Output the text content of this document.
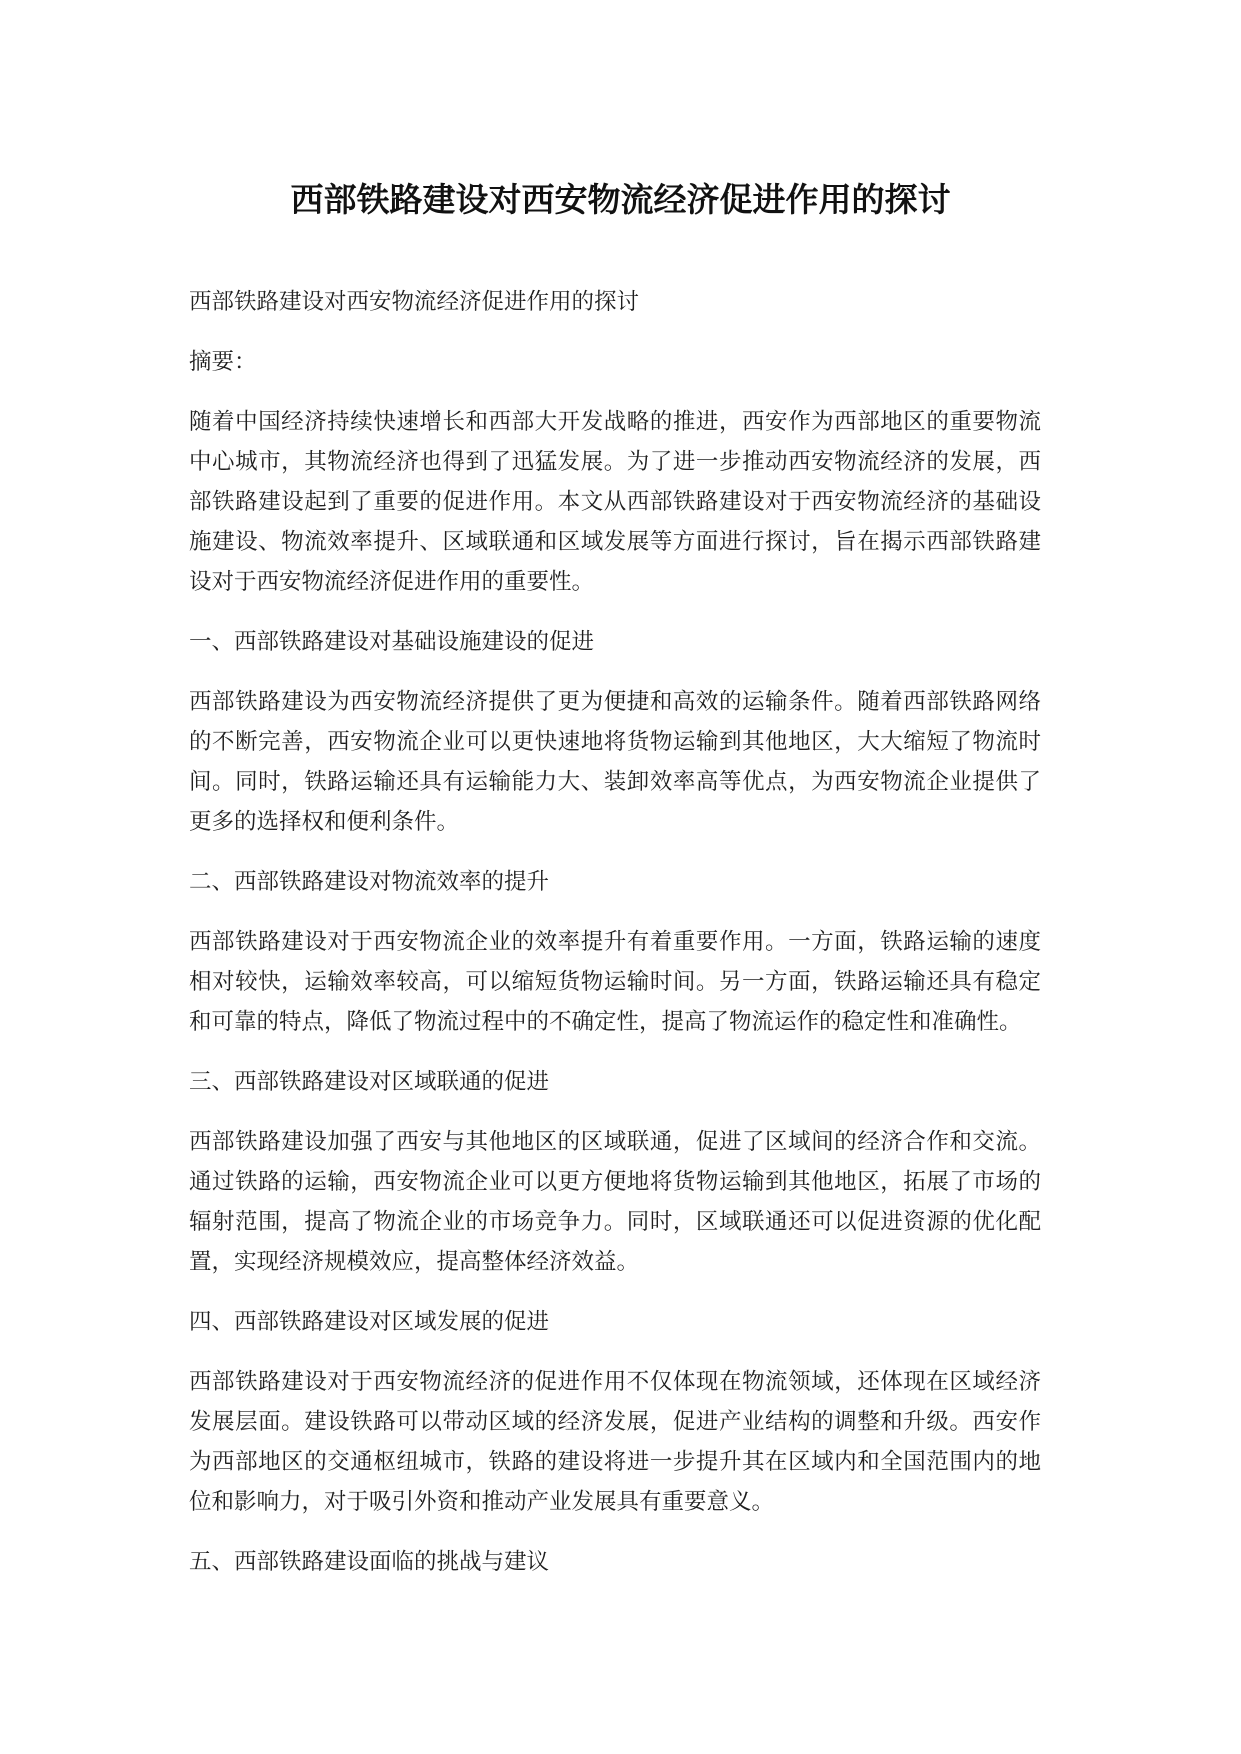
西部铁路建设对西安物流经济促进作用的探讨

西部铁路建设对西安物流经济促进作用的探讨

摘要：

随着中国经济持续快速增长和西部大开发战略的推进，西安作为西部地区的重要物流中心城市，其物流经济也得到了迅猛发展。为了进一步推动西安物流经济的发展，西部铁路建设起到了重要的促进作用。本文从西部铁路建设对于西安物流经济的基础设施建设、物流效率提升、区域联通和区域发展等方面进行探讨，旨在揭示西部铁路建设对于西安物流经济促进作用的重要性。

一、西部铁路建设对基础设施建设的促进

西部铁路建设为西安物流经济提供了更为便捷和高效的运输条件。随着西部铁路网络的不断完善，西安物流企业可以更快速地将货物运输到其他地区，大大缩短了物流时间。同时，铁路运输还具有运输能力大、装卸效率高等优点，为西安物流企业提供了更多的选择权和便利条件。

二、西部铁路建设对物流效率的提升

西部铁路建设对于西安物流企业的效率提升有着重要作用。一方面，铁路运输的速度相对较快，运输效率较高，可以缩短货物运输时间。另一方面，铁路运输还具有稳定和可靠的特点，降低了物流过程中的不确定性，提高了物流运作的稳定性和准确性。

三、西部铁路建设对区域联通的促进

西部铁路建设加强了西安与其他地区的区域联通，促进了区域间的经济合作和交流。通过铁路的运输，西安物流企业可以更方便地将货物运输到其他地区，拓展了市场的辐射范围，提高了物流企业的市场竞争力。同时，区域联通还可以促进资源的优化配置，实现经济规模效应，提高整体经济效益。

四、西部铁路建设对区域发展的促进

西部铁路建设对于西安物流经济的促进作用不仅体现在物流领域，还体现在区域经济发展层面。建设铁路可以带动区域的经济发展，促进产业结构的调整和升级。西安作为西部地区的交通枢纽城市，铁路的建设将进一步提升其在区域内和全国范围内的地位和影响力，对于吸引外资和推动产业发展具有重要意义。

五、西部铁路建设面临的挑战与建议
